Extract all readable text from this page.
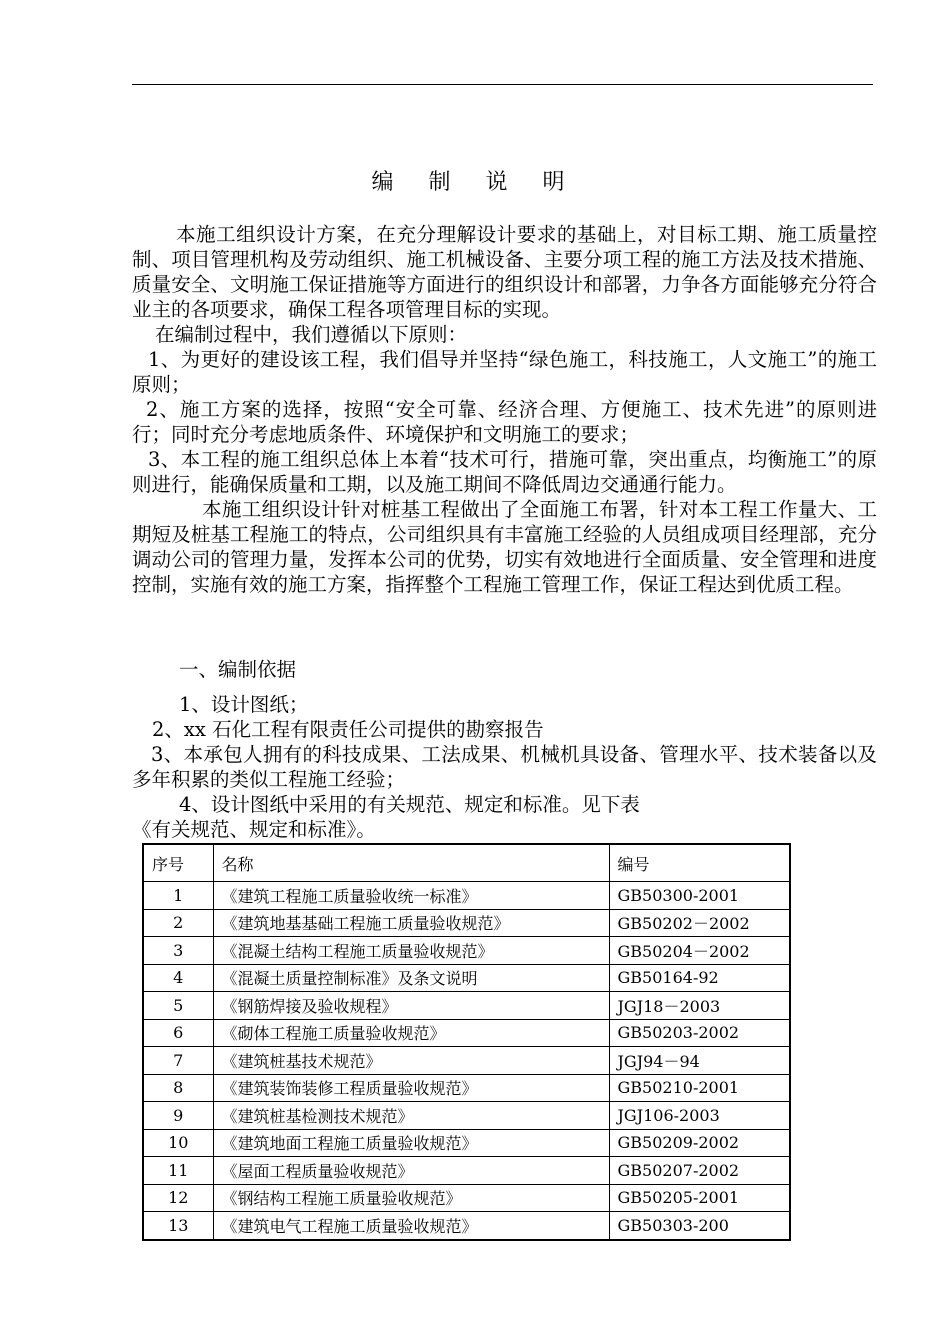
编 制 说 明
本施工组织设计方案，在充分理解设计要求的基础上，对目标工期、施工质量控制、项目管理机构及劳动组织、施工机械设备、主要分项工程的施工方法及技术措施、质量安全、文明施工保证措施等方面进行的组织设计和部署，力争各方面能够充分符合业主的各项要求，确保工程各项管理目标的实现。
在编制过程中，我们遵循以下原则：
1、为更好的建设该工程，我们倡导并坚持“绿色施工，科技施工，人文施工”的施工原则；
2、施工方案的选择，按照“安全可靠、经济合理、方便施工、技术先进”的原则进行；同时充分考虑地质条件、环境保护和文明施工的要求；
3、本工程的施工组织总体上本着“技术可行，措施可靠，突出重点，均衡施工”的原则进行，能确保质量和工期，以及施工期间不降低周边交通通行能力。
本施工组织设计针对桩基工程做出了全面施工布署，针对本工程工作量大、工期短及桩基工程施工的特点，公司组织具有丰富施工经验的人员组成项目经理部，充分调动公司的管理力量，发挥本公司的优势，切实有效地进行全面质量、安全管理和进度控制，实施有效的施工方案，指挥整个工程施工管理工作，保证工程达到优质工程。
一、编制依据
1、设计图纸；
2、xx 石化工程有限责任公司提供的勘察报告
3、本承包人拥有的科技成果、工法成果、机械机具设备、管理水平、技术装备以及多年积累的类似工程施工经验；
4、设计图纸中采用的有关规范、规定和标准。见下表
《有关规范、规定和标准》。
序号	名称	编号
1	《建筑工程施工质量验收统一标准》	GB50300-2001
2	《建筑地基基础工程施工质量验收规范》	GB50202－2002
3	《混凝土结构工程施工质量验收规范》	GB50204－2002
4	《混凝土质量控制标准》及条文说明	GB50164-92
5	《钢筋焊接及验收规程》	JGJ18－2003
6	《砌体工程施工质量验收规范》	GB50203-2002
7	《建筑桩基技术规范》	JGJ94－94
8	《建筑装饰装修工程质量验收规范》	GB50210-2001
9	《建筑桩基检测技术规范》	JGJ106-2003
10	《建筑地面工程施工质量验收规范》	GB50209-2002
11	《屋面工程质量验收规范》	GB50207-2002
12	《钢结构工程施工质量验收规范》	GB50205-2001
13	《建筑电气工程施工质量验收规范》	GB50303-200
